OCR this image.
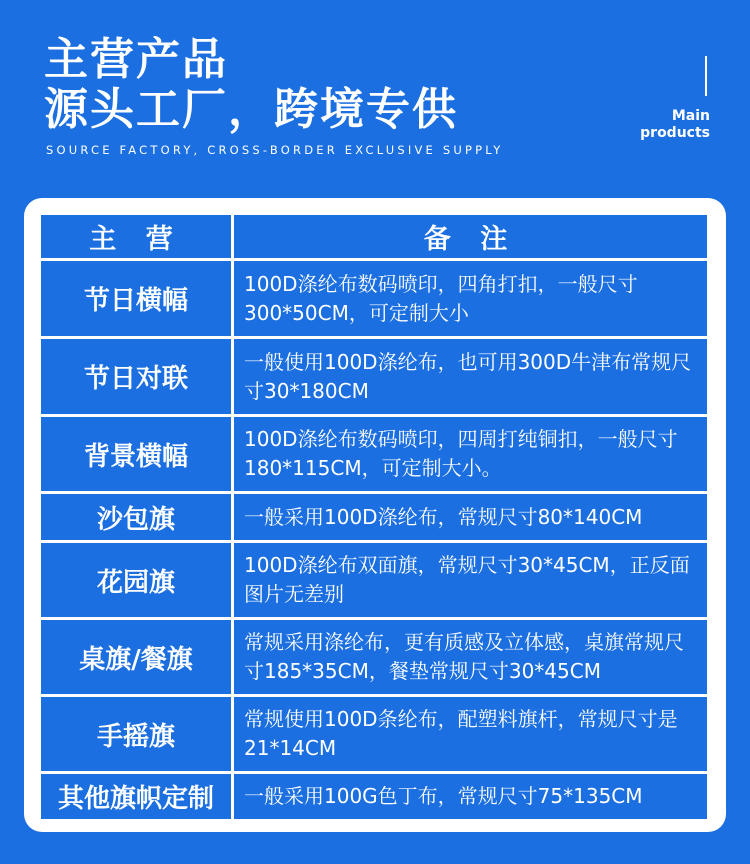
主营产品
源头工厂，跨境专供
SOURCE FACTORY, CROSS-BORDER EXCLUSIVE SUPPLY
Main
products
主 营	备 注
节日横幅	100D涤纶布数码喷印，四角打扣，一般尺寸300*50CM，可定制大小
节日对联	一般使用100D涤纶布，也可用300D牛津布常规尺寸30*180CM
背景横幅	100D涤纶布数码喷印，四周打纯铜扣，一般尺寸180*115CM，可定制大小。
沙包旗	一般采用100D涤纶布，常规尺寸80*140CM
花园旗	100D涤纶布双面旗，常规尺寸30*45CM，正反面图片无差别
桌旗/餐旗	常规采用涤纶布，更有质感及立体感，桌旗常规尺寸185*35CM，餐垫常规尺寸30*45CM
手摇旗	常规使用100D条纶布，配塑料旗杆，常规尺寸是21*14CM
其他旗帜定制	一般采用100G色丁布，常规尺寸75*135CM
